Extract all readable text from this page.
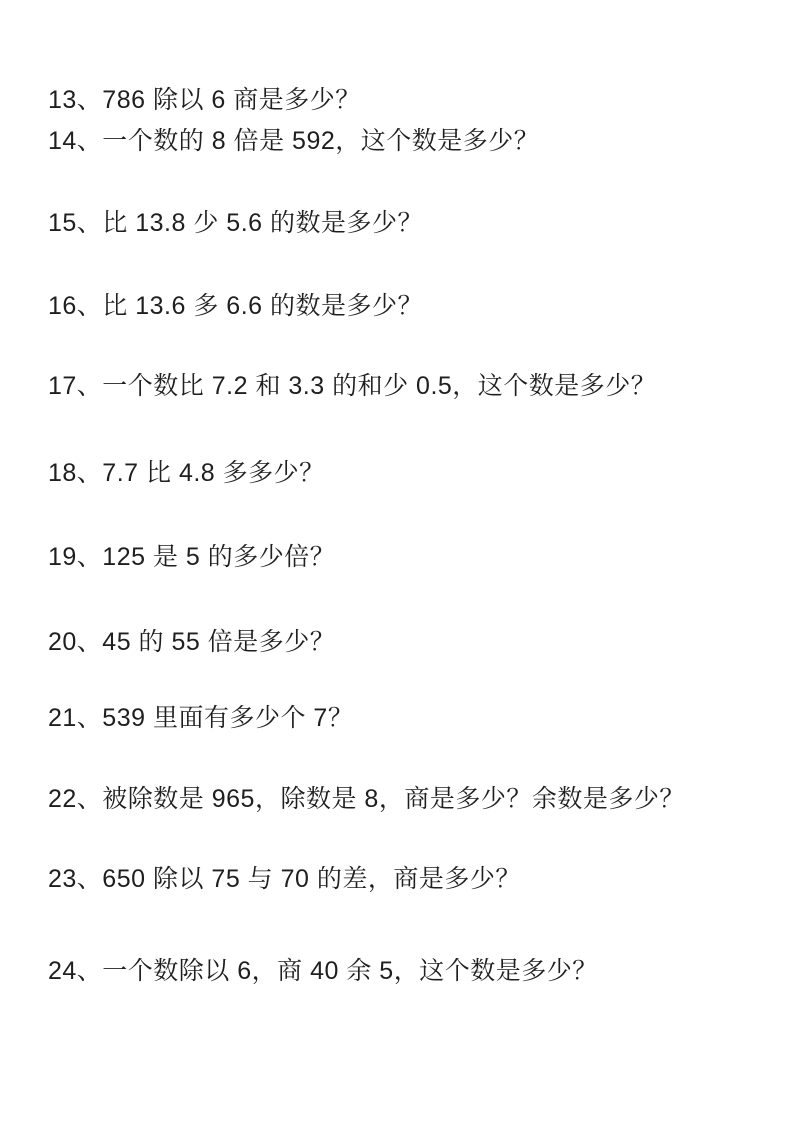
13、786 除以 6 商是多少？

14、一个数的 8 倍是 592，这个数是多少？

15、比 13.8 少 5.6 的数是多少？

16、比 13.6 多 6.6 的数是多少？

17、一个数比 7.2 和 3.3 的和少 0.5，这个数是多少？

18、7.7 比 4.8 多多少？

19、125 是 5 的多少倍？

20、45 的 55 倍是多少？

21、539 里面有多少个 7？

22、被除数是 965，除数是 8，商是多少？余数是多少？

23、650 除以 75 与 70 的差，商是多少？

24、一个数除以 6，商 40 余 5，这个数是多少？
